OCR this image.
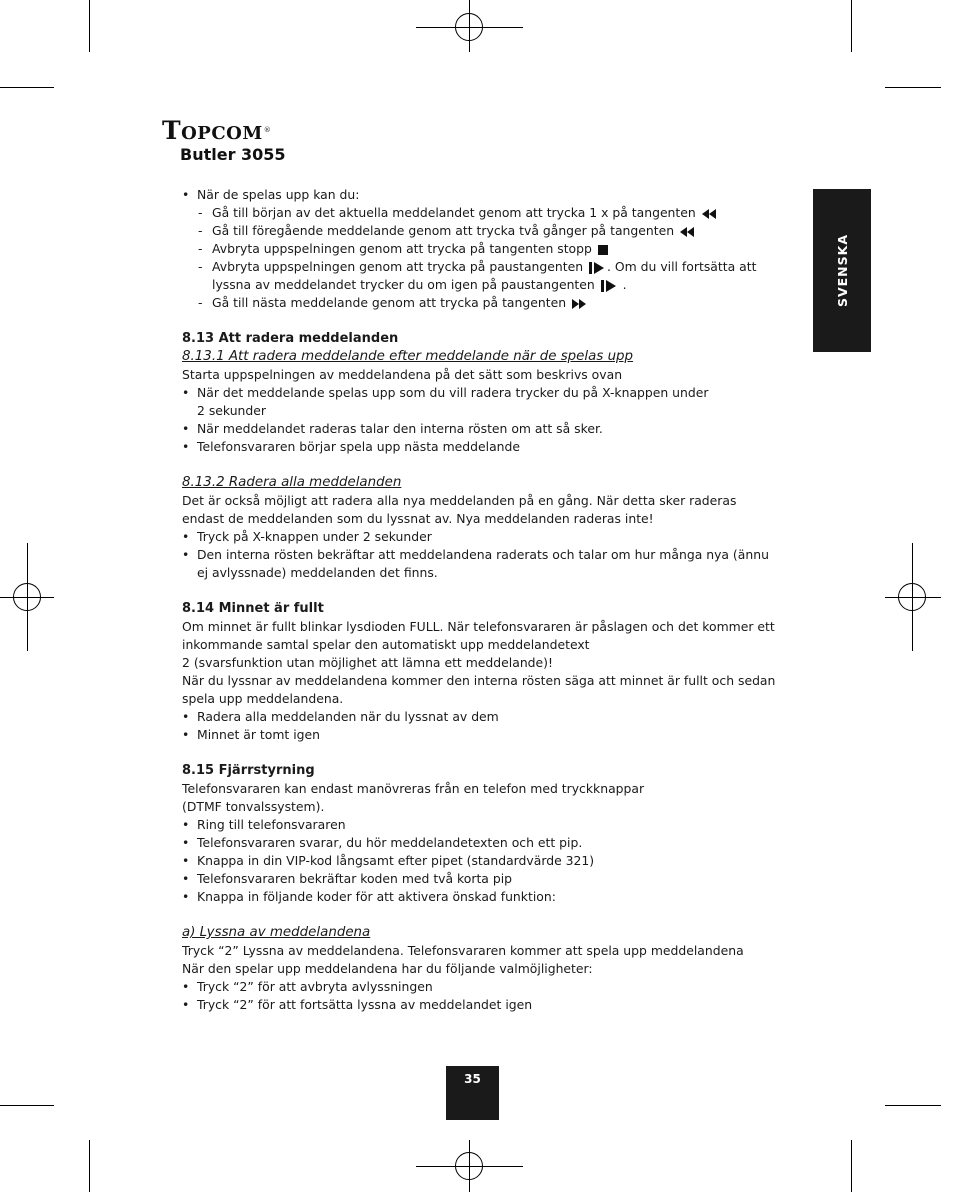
Topcom ®
Butler 3055
SVENSKA

• När de spelas upp kan du:

- Gå till början av det aktuella meddelandet genom att trycka 1 x på tangenten

- Gå till föregående meddelande genom att trycka två gånger på tangenten

- Avbryta uppspelningen genom att trycka på tangenten stopp

- Avbryta uppspelningen genom att trycka på paustangenten . Om du vill fortsätta att lyssna av meddelandet trycker du om igen på paustangenten .

- Gå till nästa meddelande genom att trycka på tangenten

8.13 Att radera meddelanden

8.13.1 Att radera meddelande efter meddelande när de spelas upp

Starta uppspelningen av meddelandena på det sätt som beskrivs ovan

• När det meddelande spelas upp som du vill radera trycker du på X-knappen under 2 sekunder

• När meddelandet raderas talar den interna rösten om att så sker.

• Telefonsvararen börjar spela upp nästa meddelande

8.13.2 Radera alla meddelanden

Det är också möjligt att radera alla nya meddelanden på en gång. När detta sker raderas endast de meddelanden som du lyssnat av. Nya meddelanden raderas inte!

• Tryck på X-knappen under 2 sekunder

• Den interna rösten bekräftar att meddelandena raderats och talar om hur många nya (ännu ej avlyssnade) meddelanden det finns.

8.14 Minnet är fullt

Om minnet är fullt blinkar lysdioden FULL. När telefonsvararen är påslagen och det kommer ett inkommande samtal spelar den automatiskt upp meddelandetext

2 (svarsfunktion utan möjlighet att lämna ett meddelande)!

När du lyssnar av meddelandena kommer den interna rösten säga att minnet är fullt och sedan spela upp meddelandena.

• Radera alla meddelanden när du lyssnat av dem

• Minnet är tomt igen

8.15 Fjärrstyrning

Telefonsvararen kan endast manövreras från en telefon med tryckknappar

(DTMF tonvalssystem).

• Ring till telefonsvararen

• Telefonsvararen svarar, du hör meddelandetexten och ett pip.

• Knappa in din VIP-kod långsamt efter pipet (standardvärde 321)

• Telefonsvararen bekräftar koden med två korta pip

• Knappa in följande koder för att aktivera önskad funktion:

a) Lyssna av meddelandena

Tryck “2” Lyssna av meddelandena. Telefonsvararen kommer att spela upp meddelandena

När den spelar upp meddelandena har du följande valmöjligheter:

• Tryck “2” för att avbryta avlyssningen

• Tryck “2” för att fortsätta lyssna av meddelandet igen

35
